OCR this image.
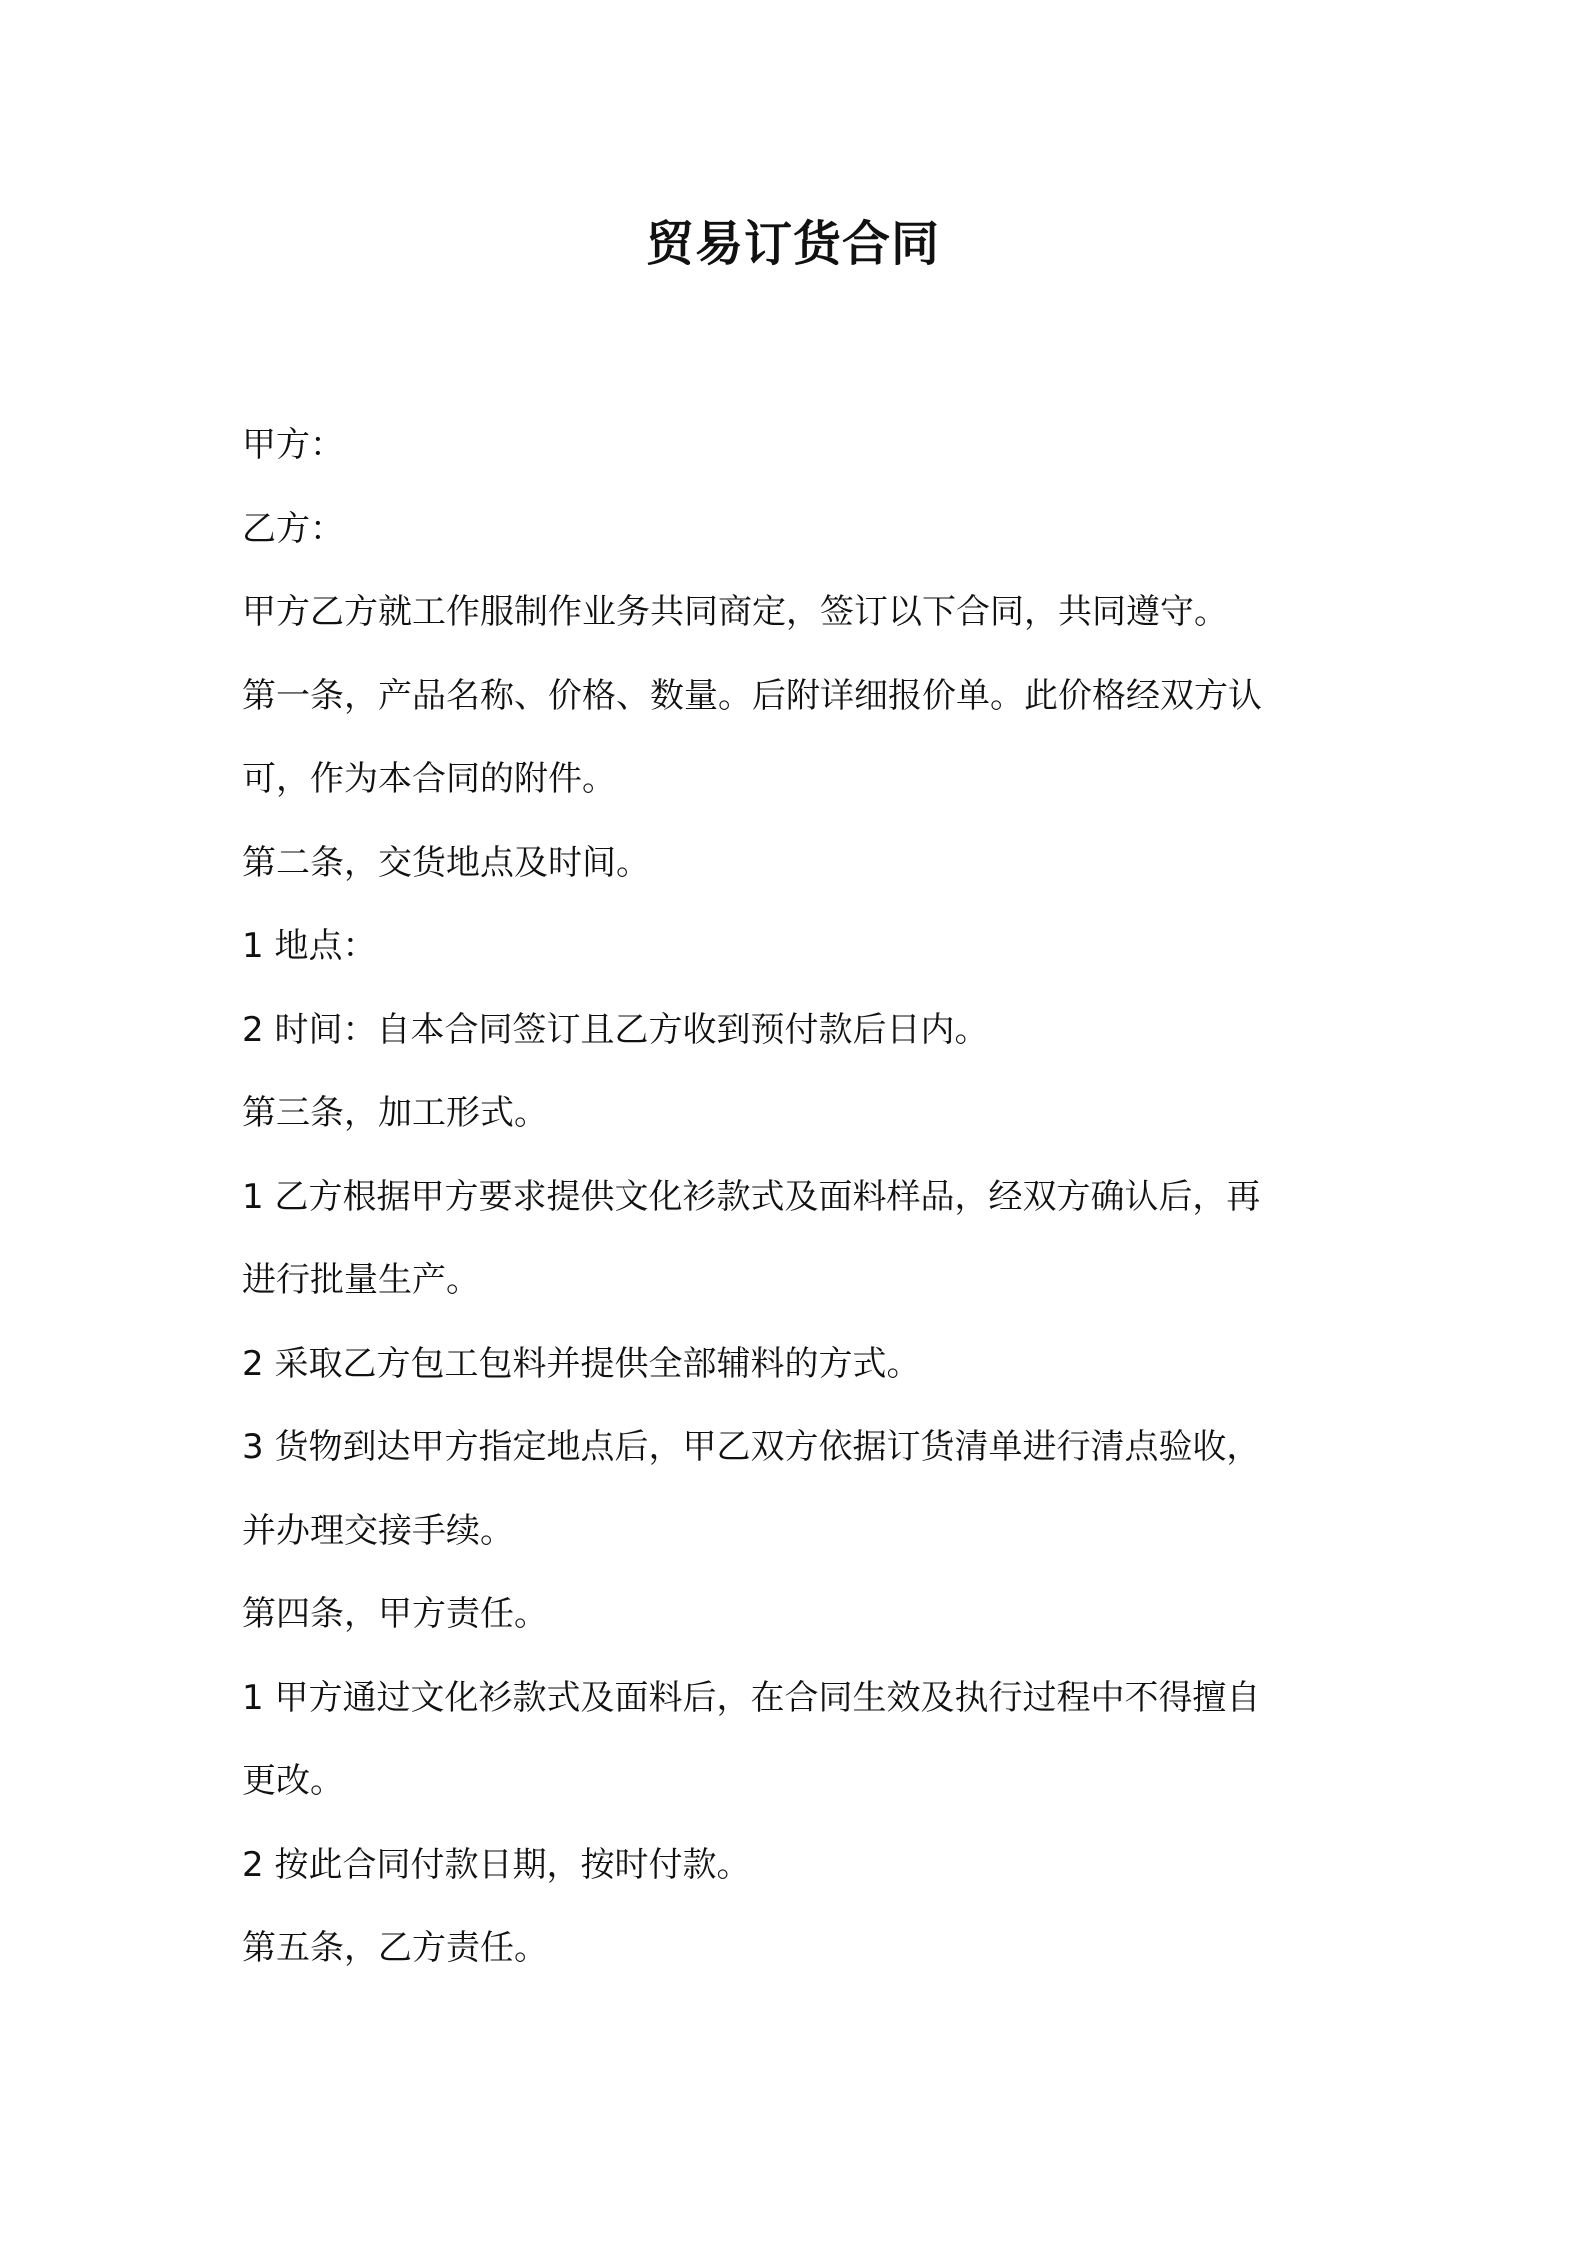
贸易订货合同

甲方：

乙方：

甲方乙方就工作服制作业务共同商定，签订以下合同，共同遵守。

第一条，产品名称、价格、数量。后附详细报价单。此价格经双方认

可，作为本合同的附件。

第二条，交货地点及时间。

1 地点：

2 时间：自本合同签订且乙方收到预付款后日内。

第三条，加工形式。

1 乙方根据甲方要求提供文化衫款式及面料样品，经双方确认后，再

进行批量生产。

2 采取乙方包工包料并提供全部辅料的方式。

3 货物到达甲方指定地点后，甲乙双方依据订货清单进行清点验收，

并办理交接手续。

第四条，甲方责任。

1 甲方通过文化衫款式及面料后，在合同生效及执行过程中不得擅自

更改。

2 按此合同付款日期，按时付款。

第五条，乙方责任。
